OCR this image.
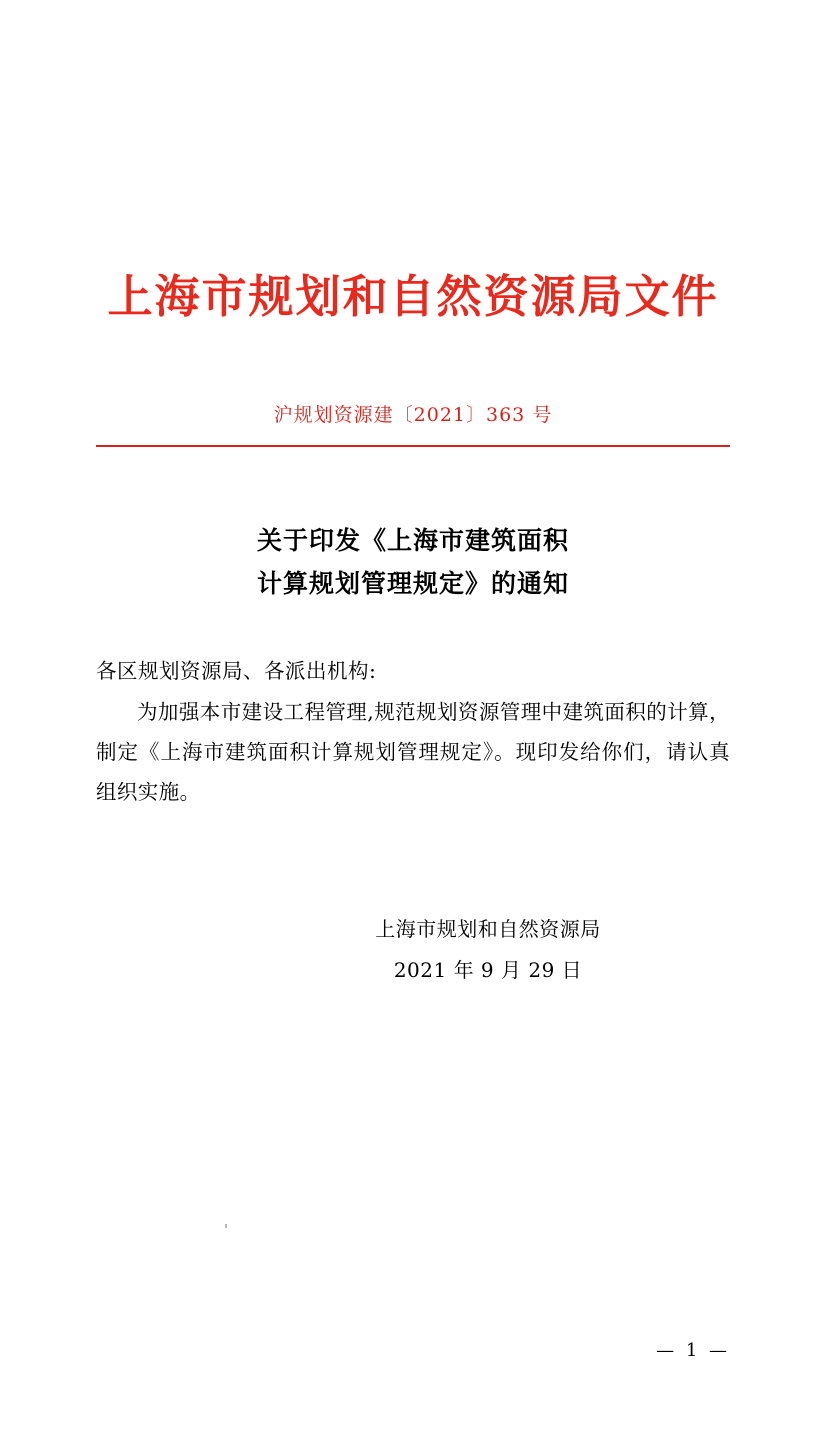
上海市规划和自然资源局文件
沪规划资源建〔2021〕363 号
关于印发《上海市建筑面积
计算规划管理规定》的通知
各区规划资源局、各派出机构:
为加强本市建设工程管理,规范规划资源管理中建筑面积的计算，制定《上海市建筑面积计算规划管理规定》。现印发给你们，请认真组织实施。
上海市规划和自然资源局
2021 年 9 月 29 日
— 1 —
